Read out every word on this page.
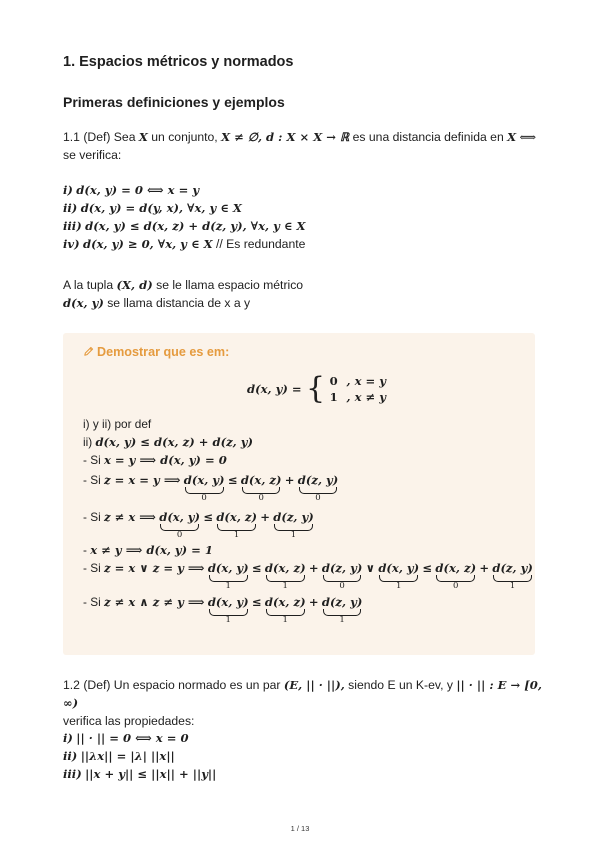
1. Espacios métricos y normados
Primeras definiciones y ejemplos
1.1 (Def) Sea X un conjunto, X ≠ ∅, d : X × X → ℝ es una distancia definida en X ⟺
se verifica:
i) d(x, y) = 0 ⟺ x = y
ii) d(x, y) = d(y, x), ∀x, y ∈ X
iii) d(x, y) ≤ d(x, z) + d(z, y), ∀x, y ∈ X
iv) d(x, y) ≥ 0, ∀x, y ∈ X // Es redundante
A la tupla (X, d) se le llama espacio métrico
d(x, y) se llama distancia de x a y
Demostrar que es em:
d(x, y) = { 0 , x = y
1 , x ≠ y
i) y ii) por def
ii) d(x, y) ≤ d(x, z) + d(z, y)
- Si x = y ⟹ d(x, y) = 0
- Si z = x = y ⟹ d(x, y)
0
≤ d(x, z)
0
+ d(z, y)
0
- Si z ≠ x ⟹ d(x, y)
0
≤ d(x, z)
1
+ d(z, y)
1
- x ≠ y ⟹ d(x, y) = 1
- Si z = x ∨ z = y ⟹ d(x, y)
1
≤ d(x, z)
1
+ d(z, y)
0
∨ d(x, y)
1
≤ d(x, z)
0
+ d(z, y)
1
- Si z ≠ x ∧ z ≠ y ⟹ d(x, y)
1
≤ d(x, z)
1
+ d(z, y)
1
1.2 (Def) Un espacio normado es un par (E, || · ||), siendo E un K-ev, y || · || : E → [0, ∞)
verifica las propiedades:
i) || · || = 0 ⟺ x = 0
ii) ||λx|| = |λ| ||x||
iii) ||x + y|| ≤ ||x|| + ||y||
1 / 13
